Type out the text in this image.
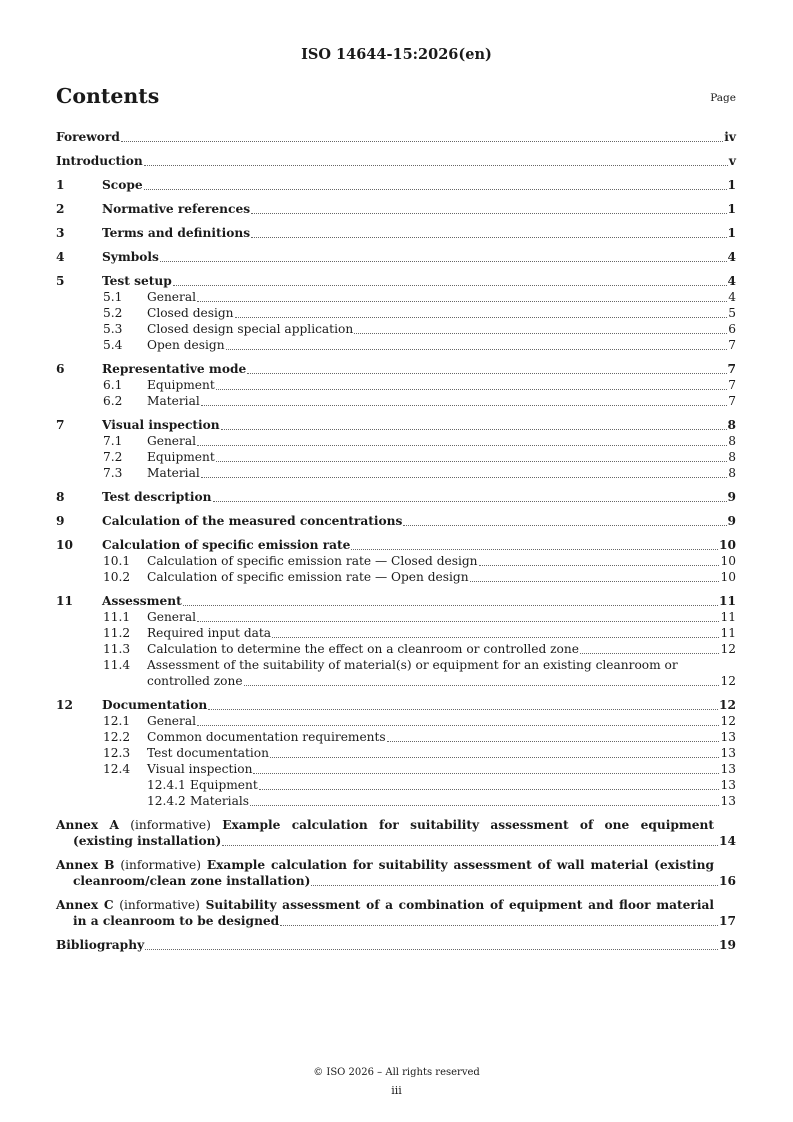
ISO 14644-15:2026(en)
Contents	Page
Foreword	iv
Introduction	v
1	Scope	1
2	Normative references	1
3	Terms and definitions	1
4	Symbols	4
5	Test setup	4
5.1 General	4
5.2 Closed design	5
5.3 Closed design special application	6
5.4 Open design	7
6	Representative mode	7
6.1 Equipment	7
6.2 Material	7
7	Visual inspection	8
7.1 General	8
7.2 Equipment	8
7.3 Material	8
8	Test description	9
9	Calculation of the measured concentrations	9
10 Calculation of specific emission rate	10
10.1 Calculation of specific emission rate — Closed design	10
10.2 Calculation of specific emission rate — Open design	10
11 Assessment	11
11.1 General	11
11.2 Required input data	11
11.3 Calculation to determine the effect on a cleanroom or controlled zone	12
11.4 Assessment of the suitability of material(s) or equipment for an existing cleanroom or
controlled zone	12
12 Documentation	12
12.1 General	12
12.2 Common documentation requirements	13
12.3 Test documentation	13
12.4 Visual inspection	13
12.4.1 Equipment	13
12.4.2 Materials	13
Annex A (informative) Example calculation for suitability assessment of one equipment
(existing installation)	14
Annex B (informative) Example calculation for suitability assessment of wall material (existing
cleanroom/clean zone installation)	16
Annex C (informative) Suitability assessment of a combination of equipment and floor material
in a cleanroom to be designed	17
Bibliography	19
© ISO 2026 – All rights reserved
iii
